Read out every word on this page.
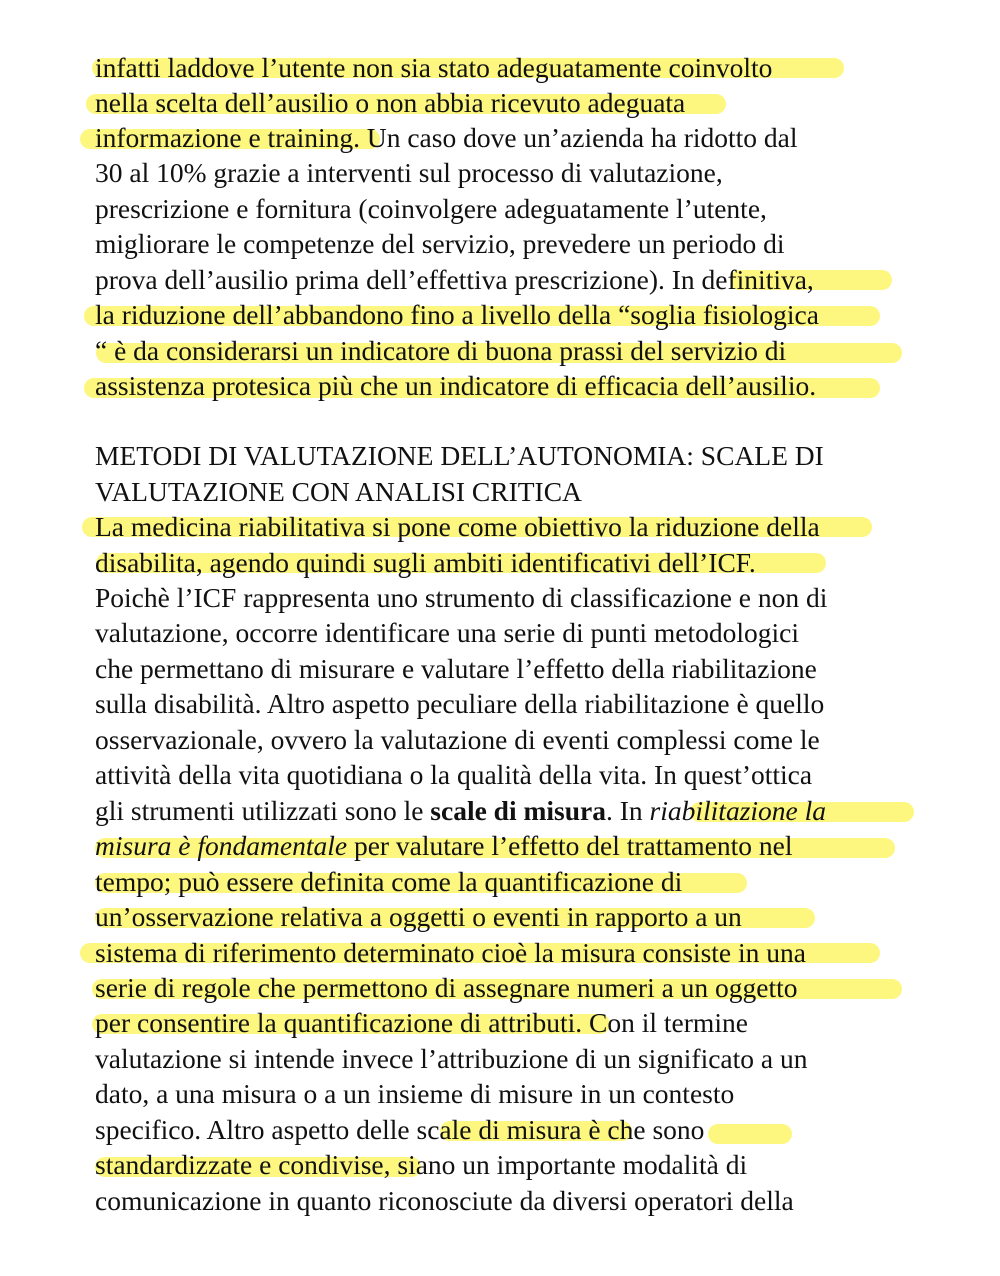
infatti laddove l’utente non sia stato adeguatamente coinvolto
nella scelta dell’ausilio o non abbia ricevuto adeguata
informazione e training. Un caso dove un’azienda ha ridotto dal
30 al 10% grazie a interventi sul processo di valutazione,
prescrizione e fornitura (coinvolgere adeguatamente l’utente,
migliorare le competenze del servizio, prevedere un periodo di
prova dell’ausilio prima dell’effettiva prescrizione). In definitiva,
la riduzione dell’abbandono fino a livello della “soglia fisiologica
“ è da considerarsi un indicatore di buona prassi del servizio di
assistenza protesica più che un indicatore di efficacia dell’ausilio.
METODI DI VALUTAZIONE DELL’AUTONOMIA: SCALE DI
VALUTAZIONE CON ANALISI CRITICA
La medicina riabilitativa si pone come obiettivo la riduzione della
disabilita, agendo quindi sugli ambiti identificativi dell’ICF.
Poichè l’ICF rappresenta uno strumento di classificazione e non di
valutazione, occorre identificare una serie di punti metodologici
che permettano di misurare e valutare l’effetto della riabilitazione
sulla disabilità. Altro aspetto peculiare della riabilitazione è quello
osservazionale, ovvero la valutazione di eventi complessi come le
attività della vita quotidiana o la qualità della vita. In quest’ottica
gli strumenti utilizzati sono le scale di misura. In riabilitazione la
misura è fondamentale per valutare l’effetto del trattamento nel
tempo; può essere definita come la quantificazione di
un’osservazione relativa a oggetti o eventi in rapporto a un
sistema di riferimento determinato cioè la misura consiste in una
serie di regole che permettono di assegnare numeri a un oggetto
per consentire la quantificazione di attributi. Con il termine
valutazione si intende invece l’attribuzione di un significato a un
dato, a una misura o a un insieme di misure in un contesto
specifico. Altro aspetto delle scale di misura è che sono
standardizzate e condivise, siano un importante modalità di
comunicazione in quanto riconosciute da diversi operatori della
